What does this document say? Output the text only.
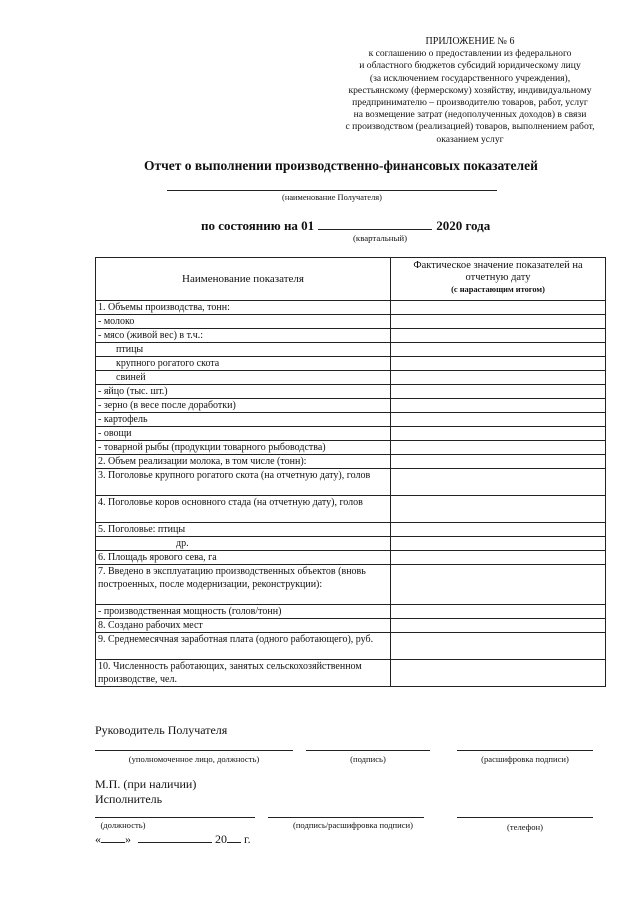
ПРИЛОЖЕНИЕ № 6
к соглашению о предоставлении из федерального
и областного бюджетов субсидий юридическому лицу
(за исключением государственного учреждения),
крестьянскому (фермерскому) хозяйству, индивидуальному
предпринимателю – производителю товаров, работ, услуг
на возмещение затрат (недополученных доходов) в связи
с производством (реализацией) товаров, выполнением работ,
оказанием услуг
Отчет о выполнении производственно-финансовых показателей
(наименование Получателя)
по состоянию на 01	2020 года
(квартальный)
Наименование показателя	Фактическое значение показателей на отчетную дату
(с нарастающим итогом)

1. Объемы производства, тонн:	
- молоко	
- мясо (живой вес) в т.ч.:	
птицы	
крупного рогатого скота	
свиней	
- яйцо (тыс. шт.)	
- зерно (в весе после доработки)	
- картофель	
- овощи	
- товарной рыбы (продукции товарного рыбоводства)	
2. Объем реализации молока, в том числе (тонн):	
3. Поголовье крупного рогатого скота (на отчетную дату), голов	
4. Поголовье коров основного стада (на отчетную дату), голов	
5. Поголовье: птицы	
др.	
6. Площадь ярового сева, га	
7. Введено в эксплуатацию производственных объектов (вновь построенных, после модернизации, реконструкции):	
- производственная мощность (голов/тонн)	
8. Создано рабочих мест	
9. Среднемесячная заработная плата (одного работающего), руб.	
10. Численность работающих, занятых сельскохозяйственном производстве, чел.	
Руководитель Получателя
(уполномоченное лицо, должность)	(подпись)	(расшифровка подписи)
М.П. (при наличии)
Исполнитель
(должность)	(подпись/расшифровка подписи)	(телефон)
« »	20 г.
